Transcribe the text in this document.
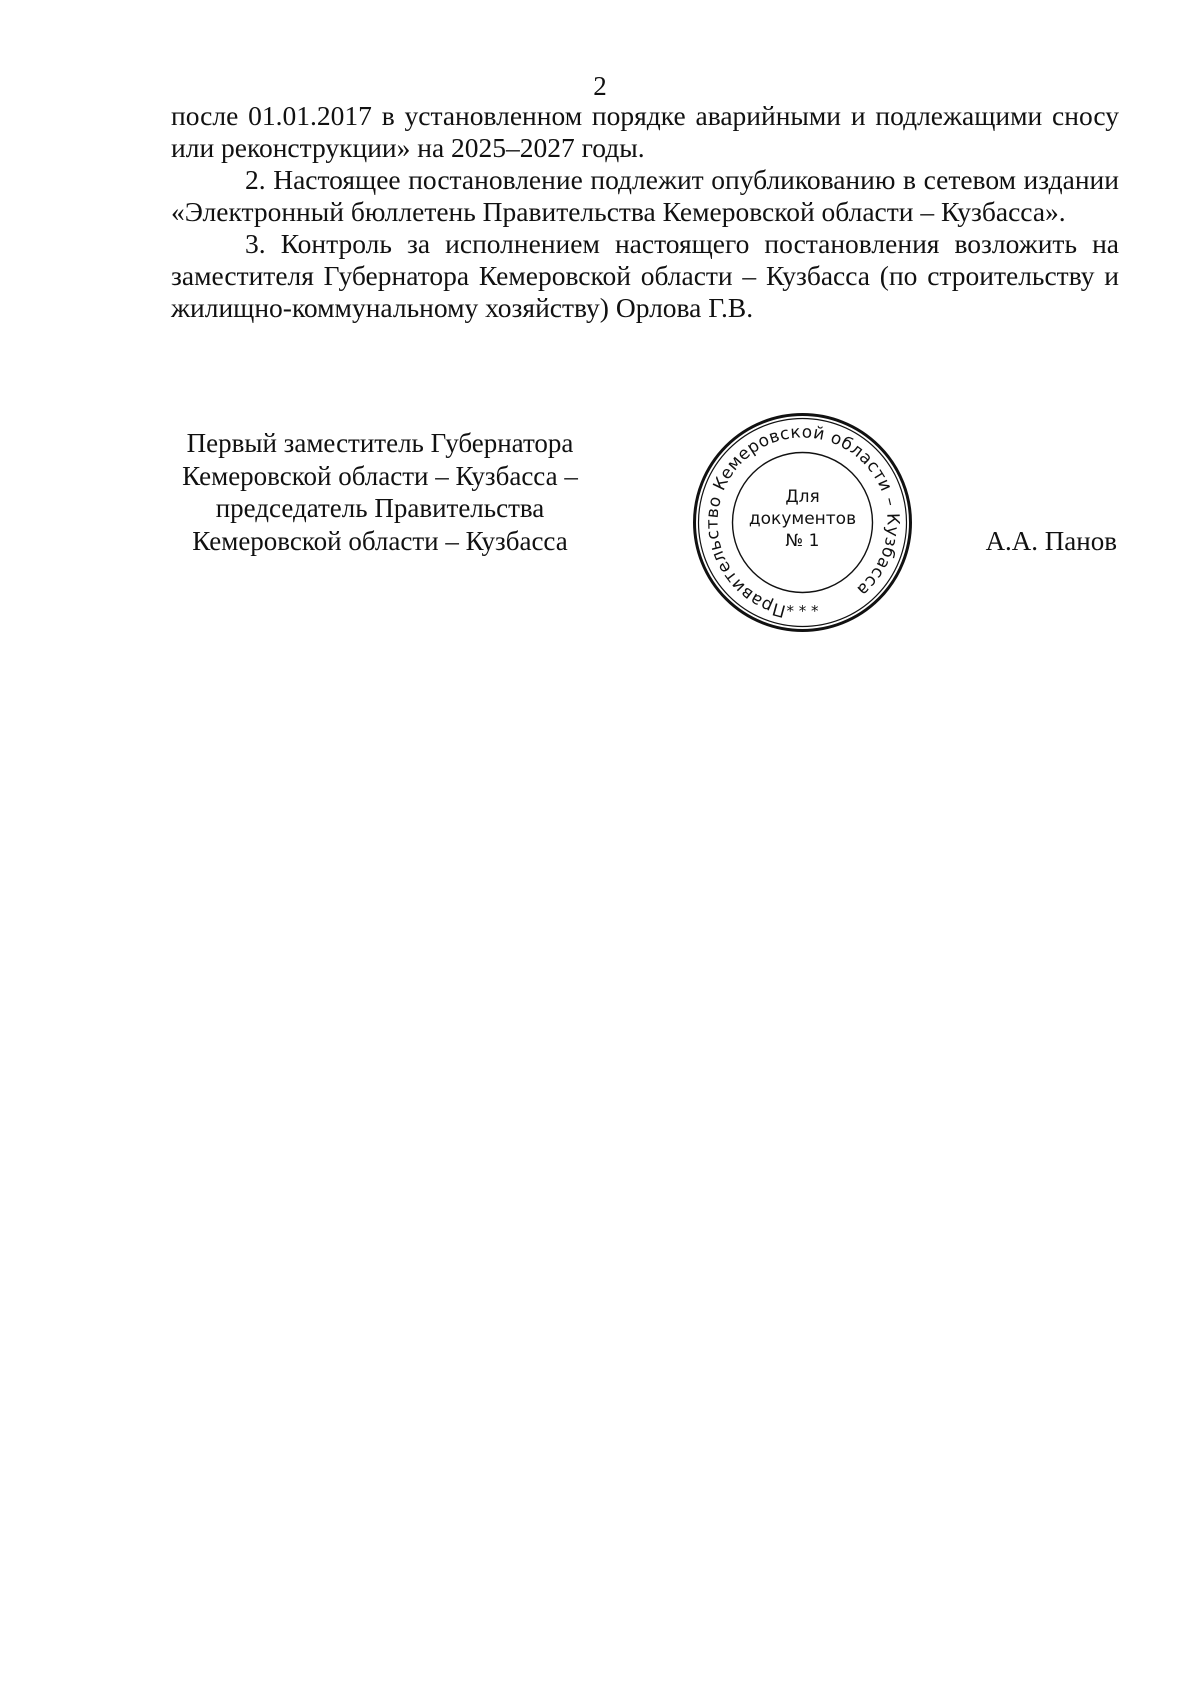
2

после 01.01.2017 в установленном порядке аварийными и подлежащими сносу или реконструкции» на 2025–2027 годы.

2. Настоящее постановление подлежит опубликованию в сетевом издании «Электронный бюллетень Правительства Кемеровской области – Кузбасса».

3. Контроль за исполнением настоящего постановления возложить на заместителя Губернатора Кемеровской области – Кузбасса (по строительству и жилищно-коммунальному хозяйству) Орлова Г.В.

Первый заместитель Губернатора
Кемеровской области – Кузбасса –
председатель Правительства
Кемеровской области – Кузбасса
Правительство Кемеровской области – Кузбасса
* * *
Для
документов
№ 1	А.А. Панов
